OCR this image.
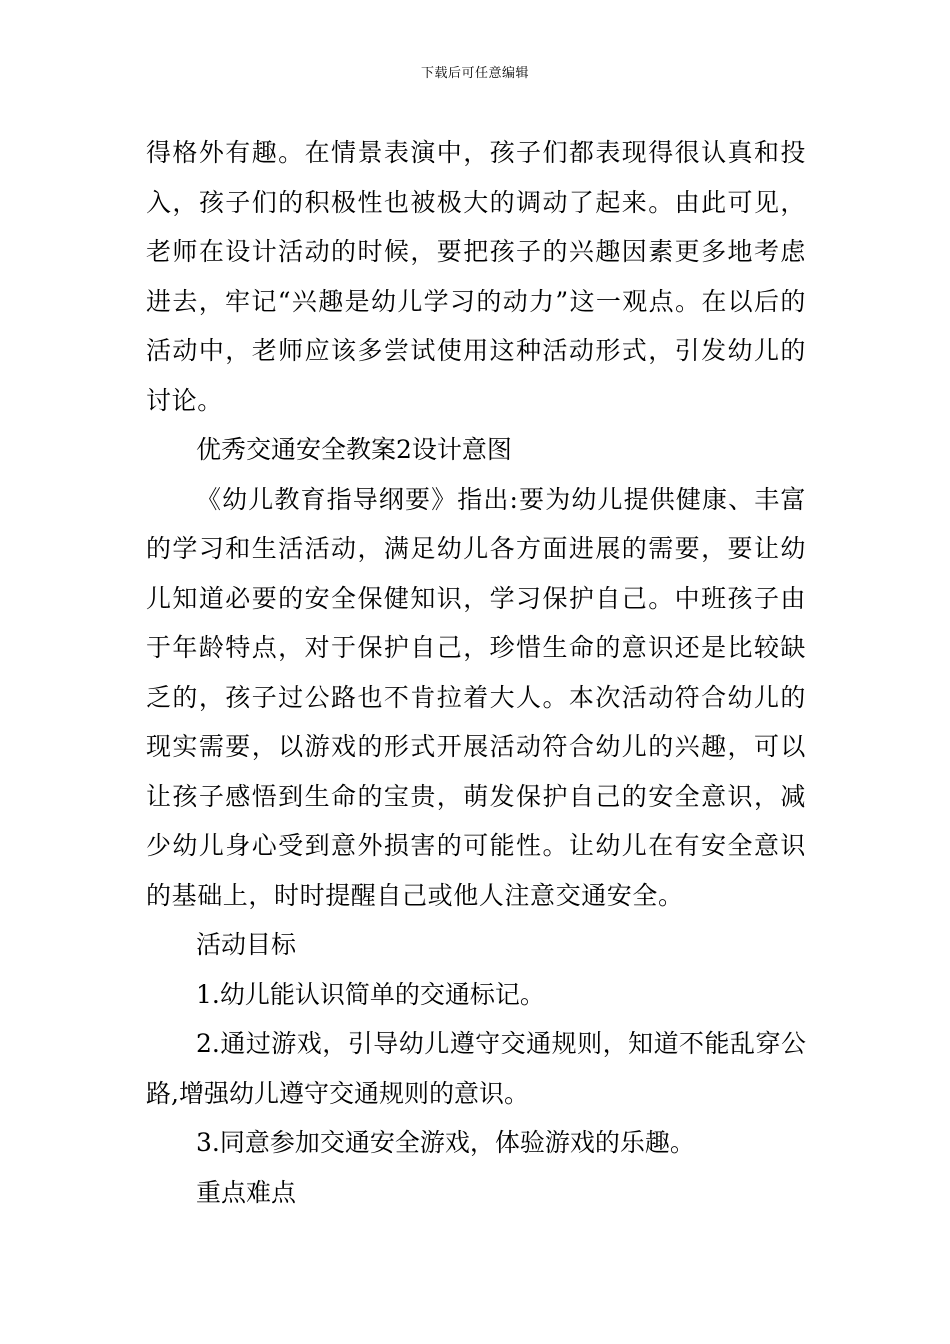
下载后可任意编辑

得格外有趣。在情景表演中，孩子们都表现得很认真和投入，孩子们的积极性也被极大的调动了起来。由此可见，老师在设计活动的时候，要把孩子的兴趣因素更多地考虑进去，牢记“兴趣是幼儿学习的动力”这一观点。在以后的活动中，老师应该多尝试使用这种活动形式，引发幼儿的讨论。

优秀交通安全教案2设计意图

《幼儿教育指导纲要》指出:要为幼儿提供健康、丰富的学习和生活活动，满足幼儿各方面进展的需要，要让幼儿知道必要的安全保健知识，学习保护自己。中班孩子由于年龄特点，对于保护自己，珍惜生命的意识还是比较缺乏的，孩子过公路也不肯拉着大人。本次活动符合幼儿的现实需要，以游戏的形式开展活动符合幼儿的兴趣，可以让孩子感悟到生命的宝贵，萌发保护自己的安全意识，减少幼儿身心受到意外损害的可能性。让幼儿在有安全意识的基础上，时时提醒自己或他人注意交通安全。

活动目标

1.幼儿能认识简单的交通标记。

2.通过游戏，引导幼儿遵守交通规则，知道不能乱穿公路,增强幼儿遵守交通规则的意识。

3.同意参加交通安全游戏，体验游戏的乐趣。

重点难点
